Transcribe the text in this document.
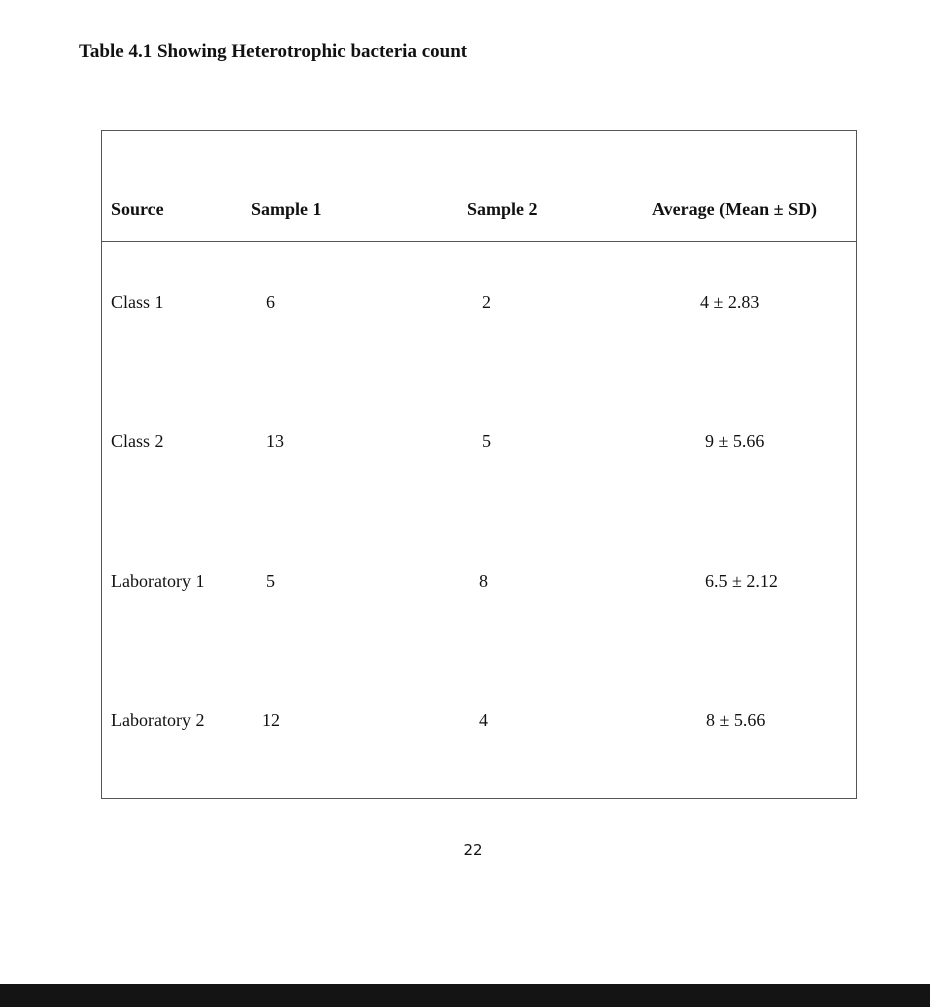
Table 4.1 Showing Heterotrophic bacteria count
Source	Sample 1	Sample 2	Average (Mean ± SD)
Class 1	6	2	4 ± 2.83
Class 2	13	5	9 ± 5.66
Laboratory 1	5	8	6.5 ± 2.12
Laboratory 2	12	4	8 ± 5.66
22
